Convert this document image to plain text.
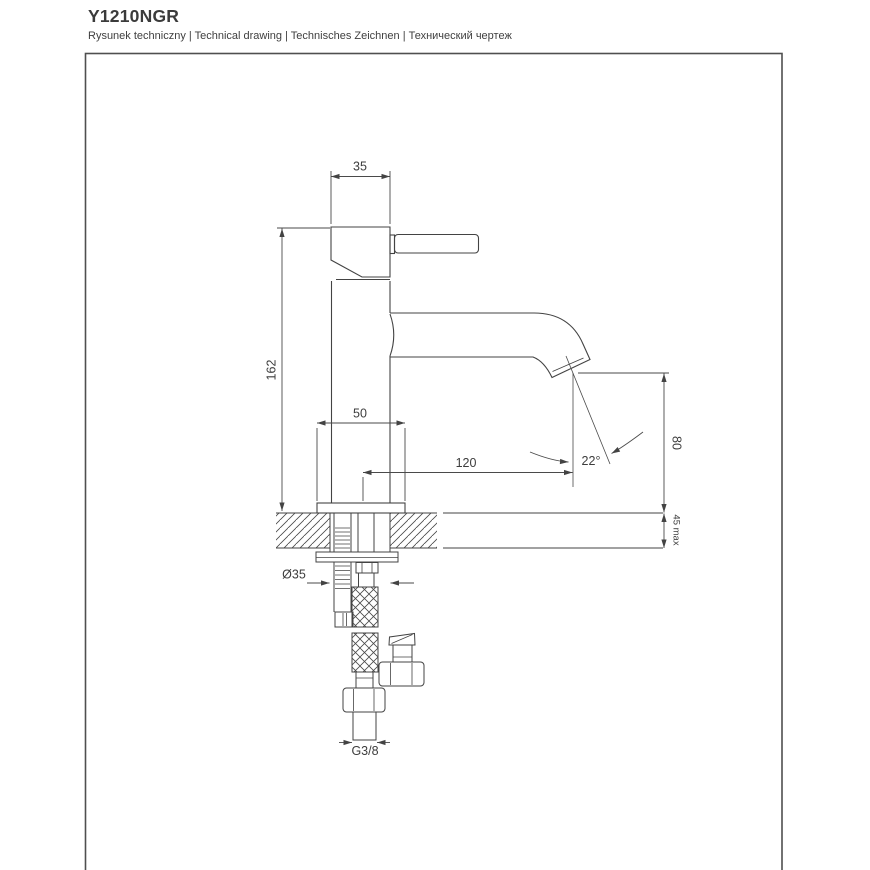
Y1210NGR
Rysunek techniczny | Technical drawing | Technisches Zeichnen | Технический чертеж
35
162
50
120	22°
80
45 max
Ø35
G3/8
